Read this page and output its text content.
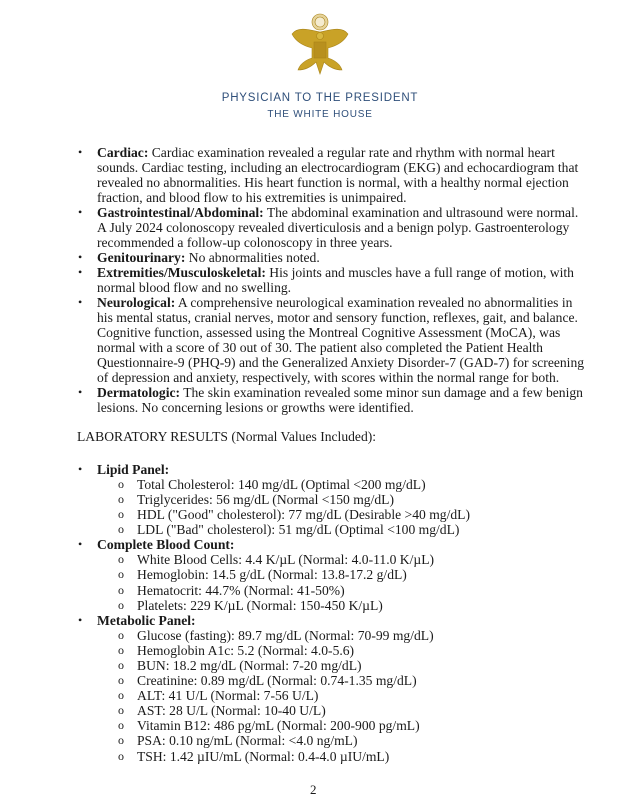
PHYSICIAN TO THE PRESIDENT
THE WHITE HOUSE
• Cardiac: Cardiac examination revealed a regular rate and rhythm with normal heart
sounds. Cardiac testing, including an electrocardiogram (EKG) and echocardiogram that
revealed no abnormalities. His heart function is normal, with a healthy normal ejection
fraction, and blood flow to his extremities is unimpaired.
• Gastrointestinal/Abdominal: The abdominal examination and ultrasound were normal.
A July 2024 colonoscopy revealed diverticulosis and a benign polyp. Gastroenterology
recommended a follow-up colonoscopy in three years.
• Genitourinary: No abnormalities noted.
• Extremities/Musculoskeletal: His joints and muscles have a full range of motion, with
normal blood flow and no swelling.
• Neurological: A comprehensive neurological examination revealed no abnormalities in
his mental status, cranial nerves, motor and sensory function, reflexes, gait, and balance.
Cognitive function, assessed using the Montreal Cognitive Assessment (MoCA), was
normal with a score of 30 out of 30. The patient also completed the Patient Health
Questionnaire-9 (PHQ-9) and the Generalized Anxiety Disorder-7 (GAD-7) for screening
of depression and anxiety, respectively, with scores within the normal range for both.
• Dermatologic: The skin examination revealed some minor sun damage and a few benign
lesions. No concerning lesions or growths were identified.
LABORATORY RESULTS (Normal Values Included):
• Lipid Panel:
o Total Cholesterol: 140 mg/dL (Optimal <200 mg/dL)
o Triglycerides: 56 mg/dL (Normal <150 mg/dL)
o HDL ("Good" cholesterol): 77 mg/dL (Desirable >40 mg/dL)
o LDL ("Bad" cholesterol): 51 mg/dL (Optimal <100 mg/dL)
• Complete Blood Count:
o White Blood Cells: 4.4 K/µL (Normal: 4.0-11.0 K/µL)
o Hemoglobin: 14.5 g/dL (Normal: 13.8-17.2 g/dL)
o Hematocrit: 44.7% (Normal: 41-50%)
o Platelets: 229 K/µL (Normal: 150-450 K/µL)
• Metabolic Panel:
o Glucose (fasting): 89.7 mg/dL (Normal: 70-99 mg/dL)
o Hemoglobin A1c: 5.2 (Normal: 4.0-5.6)
o BUN: 18.2 mg/dL (Normal: 7-20 mg/dL)
o Creatinine: 0.89 mg/dL (Normal: 0.74-1.35 mg/dL)
o ALT: 41 U/L (Normal: 7-56 U/L)
o AST: 28 U/L (Normal: 10-40 U/L)
o Vitamin B12: 486 pg/mL (Normal: 200-900 pg/mL)
o PSA: 0.10 ng/mL (Normal: <4.0 ng/mL)
o TSH: 1.42 µIU/mL (Normal: 0.4-4.0 µIU/mL)
2
